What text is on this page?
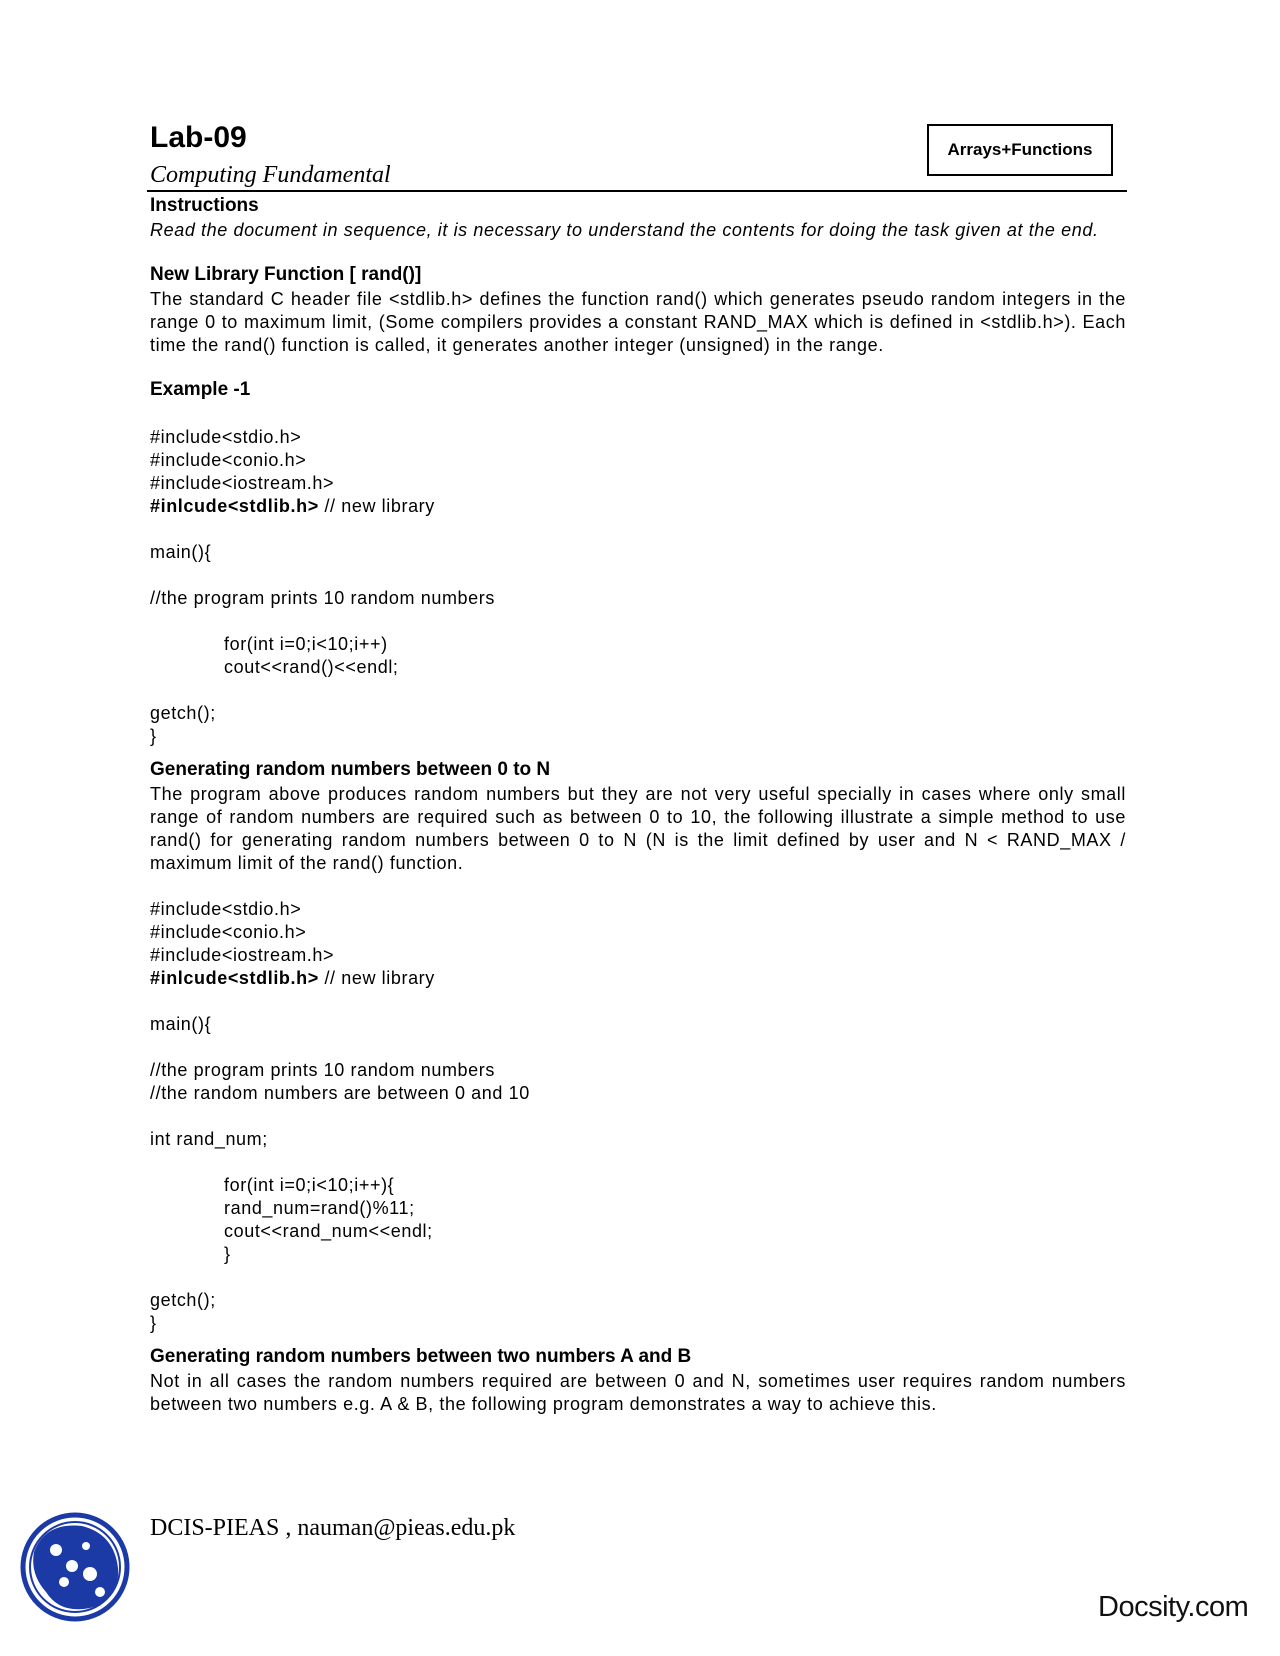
Lab-09
Computing Fundamental
Arrays+Functions
Instructions

Read the document in sequence, it is necessary to understand the contents for doing the task given at the end.

New Library Function [ rand()]

The standard C header file <stdlib.h> defines the function rand() which generates pseudo random integers in the range 0 to maximum limit, (Some compilers provides a constant RAND_MAX which is defined in <stdlib.h>). Each time the rand() function is called, it generates another integer (unsigned) in the range.

Example -1
#include<stdio.h>
#include<conio.h>
#include<iostream.h>
#inlcude<stdlib.h> // new library
main(){
//the program prints 10 random numbers
for(int i=0;i<10;i++)
cout<<rand()<<endl;
getch();
}
Generating random numbers between 0 to N

The program above produces random numbers but they are not very useful specially in cases where only small range of random numbers are required such as between 0 to 10, the following illustrate a simple method to use rand() for generating random numbers between 0 to N (N is the limit defined by user and N < RAND_MAX / maximum limit of the rand() function.

#include<stdio.h>
#include<conio.h>
#include<iostream.h>
#inlcude<stdlib.h> // new library
main(){
//the program prints 10 random numbers
//the random numbers are between 0 and 10
int rand_num;
for(int i=0;i<10;i++){
rand_num=rand()%11;
cout<<rand_num<<endl;
}
getch();
}
Generating random numbers between two numbers A and B

Not in all cases the random numbers required are between 0 and N, sometimes user requires random numbers between two numbers e.g. A & B, the following program demonstrates a way to achieve this.

DCIS-PIEAS , nauman@pieas.edu.pk
Docsity.com
